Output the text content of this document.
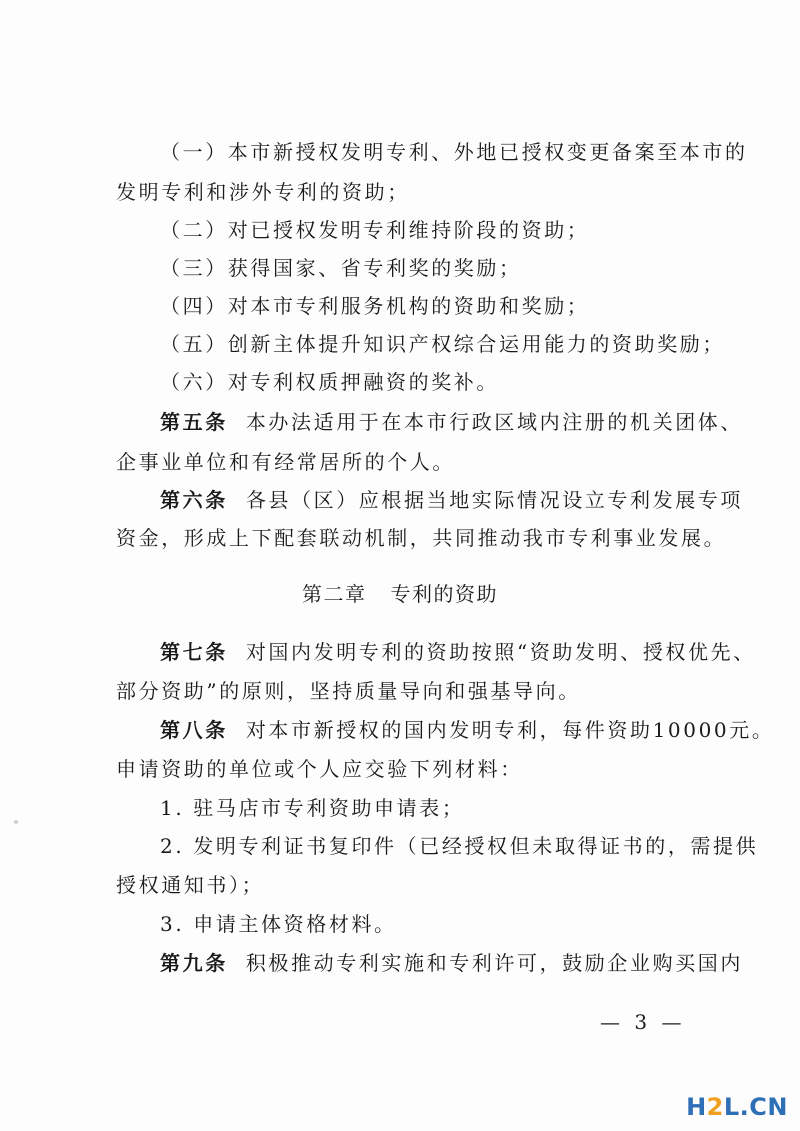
（一）本市新授权发明专利、外地已授权变更备案至本市的
发明专利和涉外专利的资助；
（二）对已授权发明专利维持阶段的资助；
（三）获得国家、省专利奖的奖励；
（四）对本市专利服务机构的资助和奖励；
（五）创新主体提升知识产权综合运用能力的资助奖励；
（六）对专利权质押融资的奖补。
第五条 本办法适用于在本市行政区域内注册的机关团体、
企事业单位和有经常居所的个人。
第六条 各县（区）应根据当地实际情况设立专利发展专项
资金，形成上下配套联动机制，共同推动我市专利事业发展。
第二章 专利的资助
第七条 对国内发明专利的资助按照“资助发明、授权优先、
部分资助”的原则，坚持质量导向和强基导向。
第八条 对本市新授权的国内发明专利，每件资助10000元。
申请资助的单位或个人应交验下列材料：
1. 驻马店市专利资助申请表；
2. 发明专利证书复印件（已经授权但未取得证书的，需提供
授权通知书）；
3. 申请主体资格材料。
第九条 积极推动专利实施和专利许可，鼓励企业购买国内
— 3 —
H2L.CN
